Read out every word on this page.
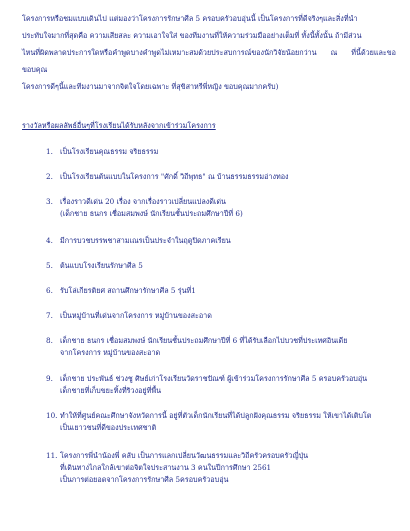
โครงการหรือชมแบบเดินไป แต่มองว่าโครงการรักษาศีล 5 ครอบครัวอบอุ่นนี้ เป็นโครงการที่ดีจริงๆและสิ่งที่นำ

ประทับใจมากที่สุดคือ ความเสียสละ ความเอาใจใส่ ของทีมงานที่ให้ความร่วมมืออย่างเต็มที่ ทั้งนี้ทั้งนั้น ถ้ามีส่วน

ไหนที่ผิดพลาดประการใดหรือคำพูดบางคำพูดไม่เหมาะสมด้วยประสบการณ์ของนักวิจัยน้อยกว่าน ณ ที่นี้ด้วยและขอขอบคุณ

โครงการดีๆนี้และทีมงานมาจากจิตใจโดยเฉพาะ ที่สุขิสาหรีพี่หญิง ขอบคุณมากครับ)

รางวัลหรือผลลัพธ์อื่นๆที่โรงเรียนได้รับหลังจากเข้าร่วมโครงการ
1. เป็นโรงเรียนคุณธรรม จริยธรรม
2. เป็นโรงเรียนต้นแบบในโครงการ "ศักดิ์ วิถีพุทธ" ณ บ้านธรรมธรรมอ่างทอง
3. เรื่องราวดีเด่น 20 เรื่อง จากเรื่องราวเปลี่ยนแปลงดีเด่น
(เด็กชาย ธนกร เชื่อมสมพงษ์ นักเรียนชั้นประถมศึกษาปีที่ 6)
4. มีการบวชบรรพชาสามเณรเป็นประจำในฤดูปิดภาคเรียน
5. ต้นแบบโรงเรียนรักษาศีล 5
6. รับโล่เกียรติยศ สถานศึกษารักษาศีล 5 รุ่นที่1
7. เป็นหมู่บ้านที่เด่นจากโครงการ หมู่บ้านของสะอาด
8. เด็กชาย ธนกร เชื่อมสมพงษ์ นักเรียนชั้นประถมศึกษาปีที่ 6 ที่ได้รับเลือกไปบวชที่ประเทศอินเดีย
จากโครงการ หมู่บ้านของสะอาด
9. เด็กชาย ประพันธ์ ช่วงชู ศิษย์เก่าโรงเรียนวัดราชปัณฑ์ ผู้เข้าร่วมโครงการรักษาศีล 5 ครอบครัวอบอุ่น
เด็กชายที่เก็บขยะทิ้งที่ริวงอยู่ที่พื้น
10. ทำให้ที่ศูนย์คณะศึกษาจังหวัดการนี้ อยู่ที่ตัวเด็กนักเรียนที่ได้ปลูกฝังคุณธรรม จริยธรรม ให้เขาได้เติบโต
เป็นเยาวชนที่ดีของประเทศชาติ
11. โครงการพี่นำน้องพี่ คลับ เป็นการแลกเปลี่ยนวัฒนธรรมและวิถีครัวครอบครัวญี่ปุ่น
ที่เดินทางไกลใกล้เขาต่อจิตใจประสานงาน 3 คนในปีการศึกษา 2561
เป็นการต่อยอดจากโครงการรักษาศีล 5ครอบครัวอบอุ่น
